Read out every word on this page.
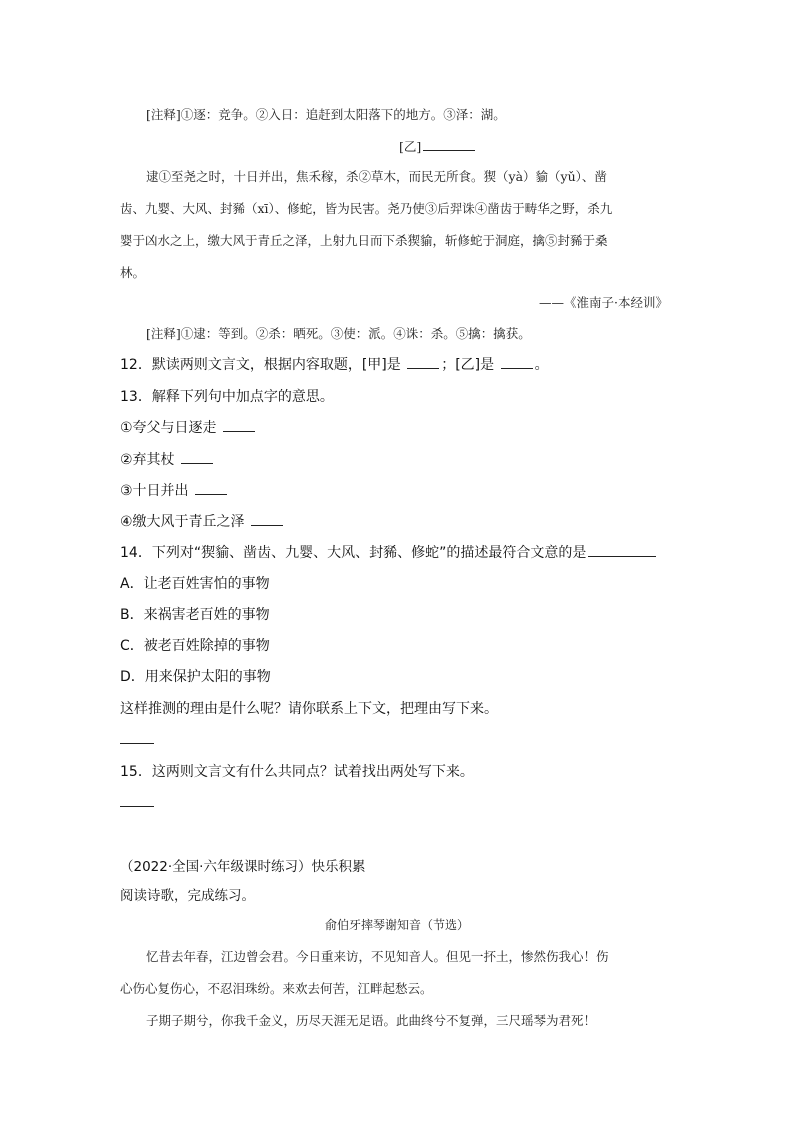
[注释]①逐：竞争。②入日：追赶到太阳落下的地方。③泽：湖。
[乙]
逮①至尧之时，十日并出，焦禾稼，杀②草木，而民无所食。猰（yà）貐（yǔ）、凿
齿、九婴、大风、封豨（xī）、修蛇，皆为民害。尧乃使③后羿诛④凿齿于畴华之野，杀九
婴于凶水之上，缴大风于青丘之泽，上射九日而下杀猰貐，斩修蛇于洞庭，擒⑤封豨于桑
林。
——《淮南子·本经训》
[注释]①逮：等到。②杀：晒死。③使：派。④诛：杀。⑤擒：擒获。
12．默读两则文言文，根据内容取题，[甲]是	；[乙]是	。
13．解释下列句中加点字的意思。
①夸父与日逐走
②弃其杖
③十日并出
④缴大风于青丘之泽
14．下列对“猰貐、凿齿、九婴、大风、封豨、修蛇”的描述最符合文意的是
A．让老百姓害怕的事物
B．来祸害老百姓的事物
C．被老百姓除掉的事物
D．用来保护太阳的事物
这样推测的理由是什么呢？请你联系上下文，把理由写下来。
15．这两则文言文有什么共同点？试着找出两处写下来。
（2022·全国·六年级课时练习）快乐积累
阅读诗歌，完成练习。
俞伯牙摔琴谢知音（节选）
忆昔去年春，江边曾会君。今日重来访，不见知音人。但见一抔土，惨然伤我心！伤
心伤心复伤心，不忍泪珠纷。来欢去何苦，江畔起愁云。
子期子期兮，你我千金义，历尽天涯无足语。此曲终兮不复弹，三尺瑶琴为君死！
